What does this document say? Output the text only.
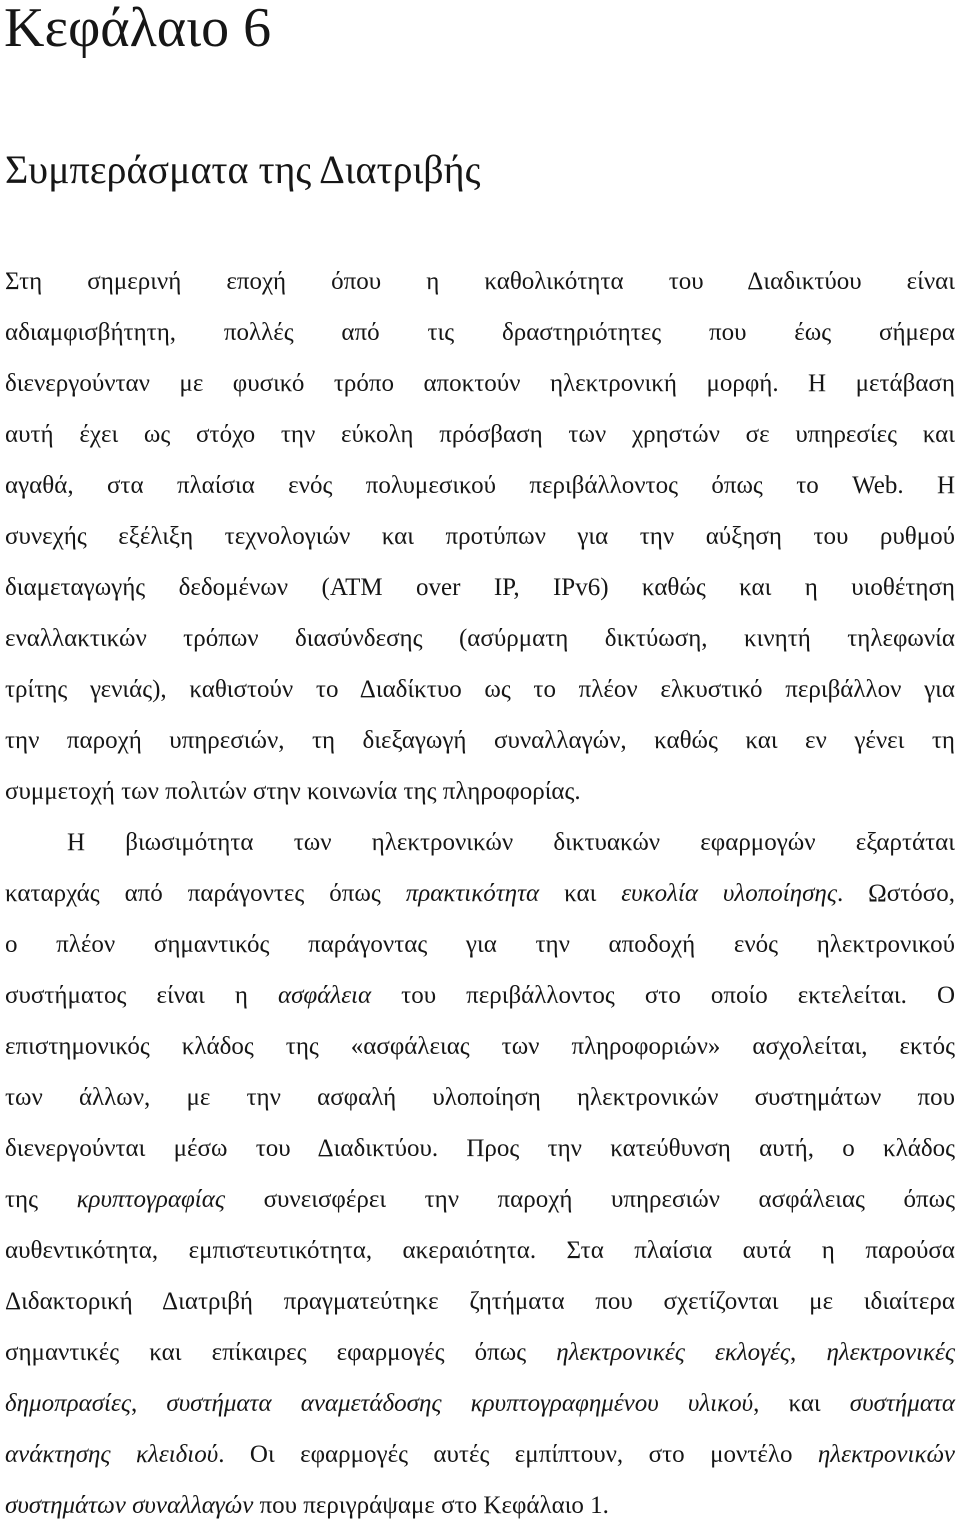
Κεφάλαιο 6
Συμπεράσματα της Διατριβής
Στη σημερινή εποχή όπου η καθολικότητα του Διαδικτύου είναι
αδιαμφισβήτητη, πολλές από τις δραστηριότητες που έως σήμερα
διενεργούνταν με φυσικό τρόπο αποκτούν ηλεκτρονική μορφή. Η μετάβαση
αυτή έχει ως στόχο την εύκολη πρόσβαση των χρηστών σε υπηρεσίες και
αγαθά, στα πλαίσια ενός πολυμεσικού περιβάλλοντος όπως το Web. Η
συνεχής εξέλιξη τεχνολογιών και προτύπων για την αύξηση του ρυθμού
διαμεταγωγής δεδομένων (ATM over IP, IPv6) καθώς και η υιοθέτηση
εναλλακτικών τρόπων διασύνδεσης (ασύρματη δικτύωση, κινητή τηλεφωνία
τρίτης γενιάς), καθιστούν το Διαδίκτυο ως το πλέον ελκυστικό περιβάλλον για
την παροχή υπηρεσιών, τη διεξαγωγή συναλλαγών, καθώς και εν γένει τη
συμμετοχή των πολιτών στην κοινωνία της πληροφορίας.
Η βιωσιμότητα των ηλεκτρονικών δικτυακών εφαρμογών εξαρτάται
καταρχάς από παράγοντες όπως πρακτικότητα και ευκολία υλοποίησης. Ωστόσο,
ο πλέον σημαντικός παράγοντας για την αποδοχή ενός ηλεκτρονικού
συστήματος είναι η ασφάλεια του περιβάλλοντος στο οποίο εκτελείται. Ο
επιστημονικός κλάδος της «ασφάλειας των πληροφοριών» ασχολείται, εκτός
των άλλων, με την ασφαλή υλοποίηση ηλεκτρονικών συστημάτων που
διενεργούνται μέσω του Διαδικτύου. Προς την κατεύθυνση αυτή, ο κλάδος
της κρυπτογραφίας συνεισφέρει την παροχή υπηρεσιών ασφάλειας όπως
αυθεντικότητα, εμπιστευτικότητα, ακεραιότητα. Στα πλαίσια αυτά η παρούσα
Διδακτορική Διατριβή πραγματεύτηκε ζητήματα που σχετίζονται με ιδιαίτερα
σημαντικές και επίκαιρες εφαρμογές όπως ηλεκτρονικές εκλογές, ηλεκτρονικές
δημοπρασίες, συστήματα αναμετάδοσης κρυπτογραφημένου υλικού, και συστήματα
ανάκτησης κλειδιού. Οι εφαρμογές αυτές εμπίπτουν, στο μοντέλο ηλεκτρονικών
συστημάτων συναλλαγών που περιγράψαμε στο Κεφάλαιο 1.
